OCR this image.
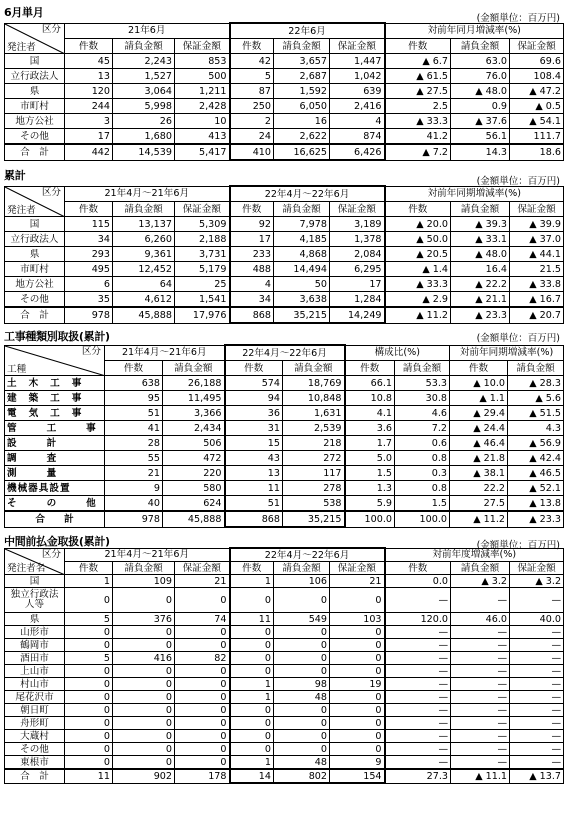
6月単月	(金額単位：百万円)
区分
発注者	21年6月			22年6月			対前年同月増減率(%)		
	件数	請負金額	保証金額	件数	請負金額	保証金額	件数	請負金額	保証金額
国	45	2,243	853	42	3,657	1,447	▲ 6.7	63.0	69.6
立行政法人	13	1,527	500	5	2,687	1,042	▲ 61.5	76.0	108.4
県	120	3,064	1,211	87	1,592	639	▲ 27.5	▲ 48.0	▲ 47.2
市町村	244	5,998	2,428	250	6,050	2,416	2.5	0.9	▲ 0.5
地方公社	3	26	10	2	16	4	▲ 33.3	▲ 37.6	▲ 54.1
その他	17	1,680	413	24	2,622	874	41.2	56.1	111.7
合　計	442	14,539	5,417	410	16,625	6,426	▲ 7.2	14.3	18.6
累計	(金額単位：百万円)
区分
発注者	21年4月～21年6月			22年4月～22年6月			対前年同期増減率(%)		
	件数	請負金額	保証金額	件数	請負金額	保証金額	件数	請負金額	保証金額
国	115	13,137	5,309	92	7,978	3,189	▲ 20.0	▲ 39.3	▲ 39.9
立行政法人	34	6,260	2,188	17	4,185	1,378	▲ 50.0	▲ 33.1	▲ 37.0
県	293	9,361	3,731	233	4,868	2,084	▲ 20.5	▲ 48.0	▲ 44.1
市町村	495	12,452	5,179	488	14,494	6,295	▲ 1.4	16.4	21.5
地方公社	6	64	25	4	50	17	▲ 33.3	▲ 22.2	▲ 33.8
その他	35	4,612	1,541	34	3,638	1,284	▲ 2.9	▲ 21.1	▲ 16.7
合　計	978	45,888	17,976	868	35,215	14,249	▲ 11.2	▲ 23.3	▲ 20.7
工事種類別取扱(累計)	(金額単位：百万円)
区分
工種	21年4月～21年6月		22年4月～22年6月		構成比(%)		対前年同期増減率(%)	
	件数	請負金額	件数	請負金額	件数	請負金額	件数	請負金額
土木工事	638	26,188	574	18,769	66.1	53.3	▲ 10.0	▲ 28.3
建築工事	95	11,495	94	10,848	10.8	30.8	▲ 1.1	▲ 5.6
電気工事	51	3,366	36	1,631	4.1	4.6	▲ 29.4	▲ 51.5
管工事	41	2,434	31	2,539	3.6	7.2	▲ 24.4	4.3
設計	28	506	15	218	1.7	0.6	▲ 46.4	▲ 56.9
調査	55	472	43	272	5.0	0.8	▲ 21.8	▲ 42.4
測量	21	220	13	117	1.5	0.3	▲ 38.1	▲ 46.5
機械器具設置	9	580	11	278	1.3	0.8	22.2	▲ 52.1
その他	40	624	51	538	5.9	1.5	27.5	▲ 13.8
合　　計	978	45,888	868	35,215	100.0	100.0	▲ 11.2	▲ 23.3
中間前払金取扱(累計)	(金額単位：百万円)
区分
発注者名	21年4月～21年6月			22年4月～22年6月			対前年度増減率(%)		
	件数	請負金額	保証金額	件数	請負金額	保証金額	件数	請負金額	保証金額
国	1	109	21	1	106	21	0.0	▲ 3.2	▲ 3.2
独立行政法人等	0	0	0	0	0	0	—	—	—
県	5	376	74	11	549	103	120.0	46.0	40.0
山形市	0	0	0	0	0	0	—	—	—
鶴岡市	0	0	0	0	0	0	—	—	—
酒田市	5	416	82	0	0	0	—	—	—
上山市	0	0	0	0	0	0	—	—	—
村山市	0	0	0	1	98	19	—	—	—
尾花沢市	0	0	0	1	48	0	—	—	—
朝日町	0	0	0	0	0	0	—	—	—
舟形町	0	0	0	0	0	0	—	—	—
大蔵村	0	0	0	0	0	0	—	—	—
その他	0	0	0	0	0	0	—	—	—
東根市	0	0	0	1	48	9	—	—	—
合　計	11	902	178	14	802	154	27.3	▲ 11.1	▲ 13.7
